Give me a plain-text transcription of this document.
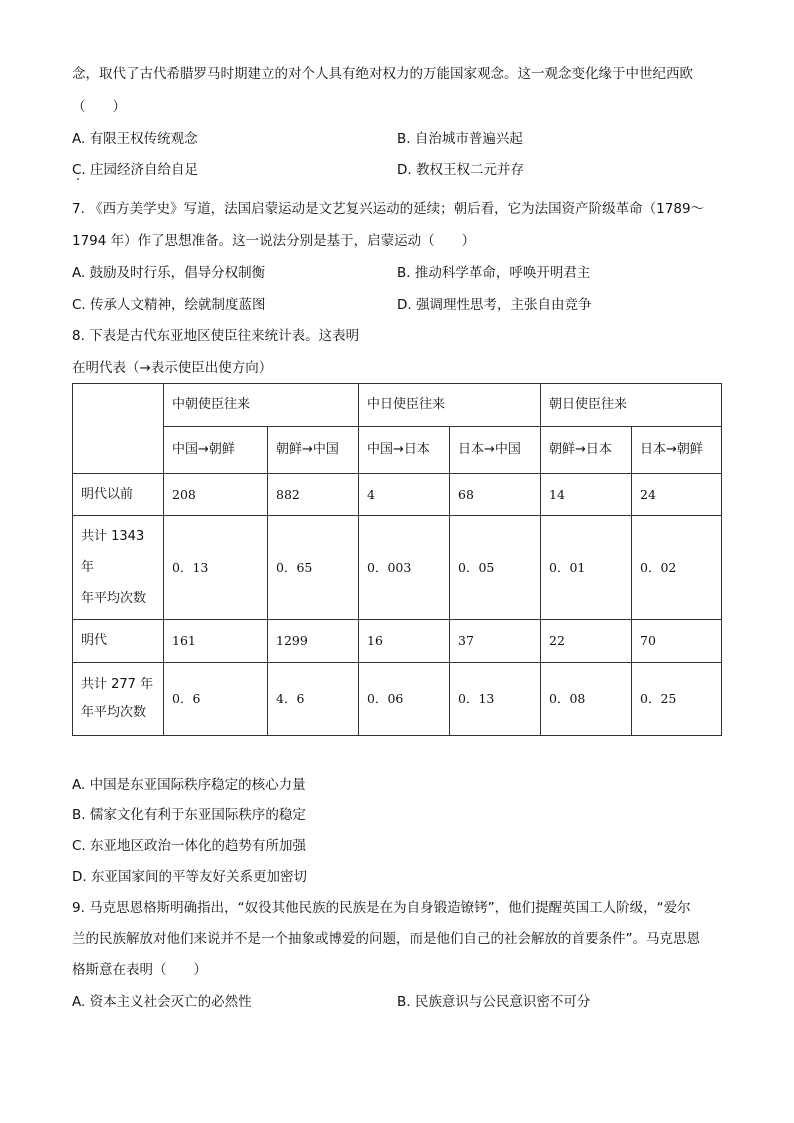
念，取代了古代希腊罗马时期建立的对个人具有绝对权力的万能国家观念。这一观念变化缘于中世纪西欧
（　　）
A. 有限王权传统观念	B. 自治城市普遍兴起
C. 庄园经济自给自足	D. 教权王权二元并存
7. 《西方美学史》写道，法国启蒙运动是文艺复兴运动的延续；朝后看，它为法国资产阶级革命（1789～
1794 年）作了思想准备。这一说法分别是基于，启蒙运动（　　）
A. 鼓励及时行乐，倡导分权制衡	B. 推动科学革命，呼唤开明君主
C. 传承人文精神，绘就制度蓝图	D. 强调理性思考，主张自由竞争
8. 下表是古代东亚地区使臣往来统计表。这表明
在明代表（→表示使臣出使方向）
	中朝使臣往来		中日使臣往来		朝日使臣往来	
	中国→朝鲜	朝鲜→中国	中国→日本	日本→中国	朝鲜→日本	日本→朝鲜
明代以前	208	882	4	68	14	24
共计 1343
年
年平均次数	0．13	0．65	0．003	0．05	0．01	0．02
明代	161	1299	16	37	22	70
共计 277 年
年平均次数	0．6	4．6	0．06	0．13	0．08	0．25
A. 中国是东亚国际秩序稳定的核心力量
B. 儒家文化有利于东亚国际秩序的稳定
C. 东亚地区政治一体化的趋势有所加强
D. 东亚国家间的平等友好关系更加密切
9. 马克思恩格斯明确指出，“奴役其他民族的民族是在为自身锻造镣铐”，他们提醒英国工人阶级，“爱尔
兰的民族解放对他们来说并不是一个抽象或博爱的问题，而是他们自己的社会解放的首要条件”。马克思恩
格斯意在表明（　　）
A. 资本主义社会灭亡的必然性	B. 民族意识与公民意识密不可分
